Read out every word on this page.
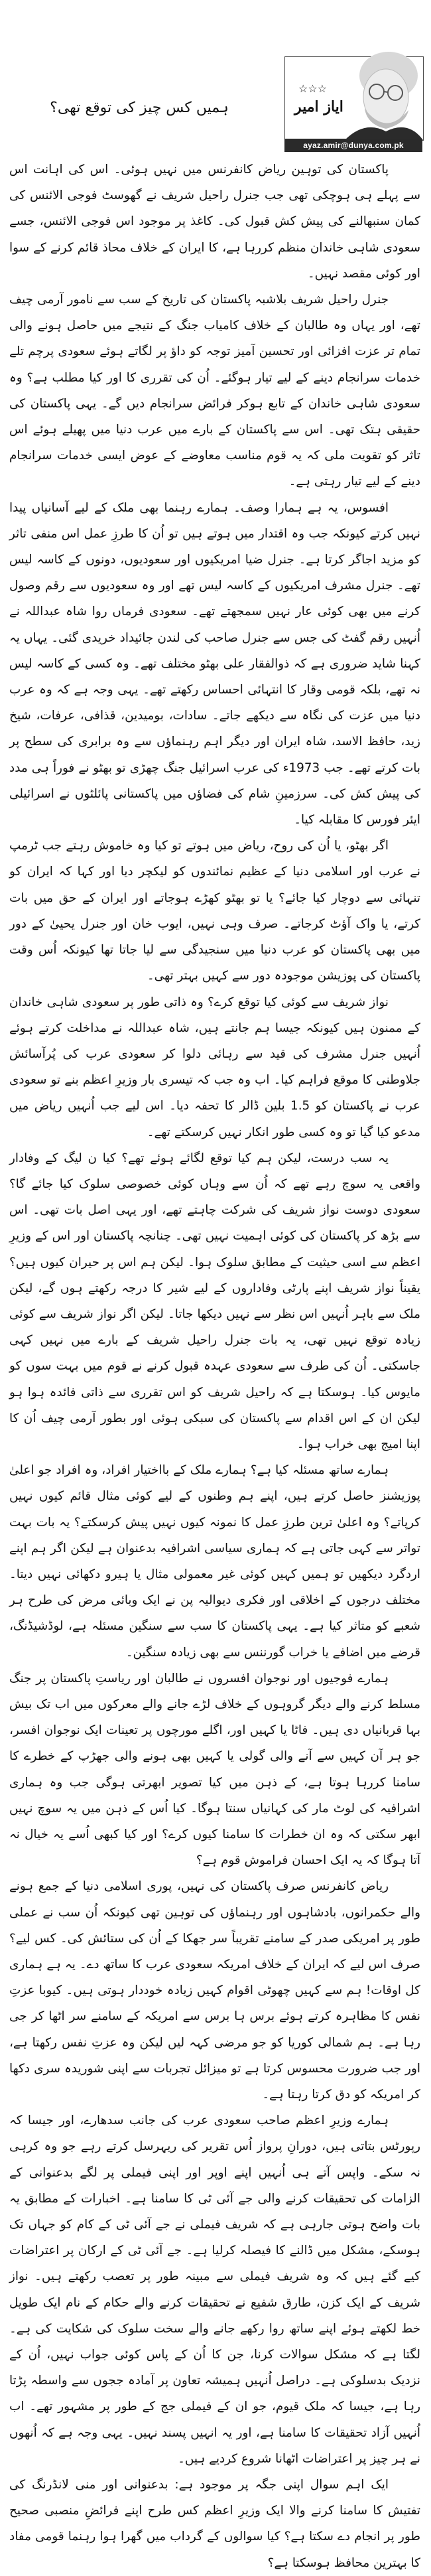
ہمیں کس چیز کی توقع تھی؟
☆☆☆
ایاز امیر
ayaz.amir@dunya.com.pk

پاکستان کی توہین ریاض کانفرنس میں نہیں ہوئی۔ اس کی اہانت اس سے پہلے ہی ہوچکی تھی جب جنرل راحیل شریف نے گھوسٹ فوجی الائنس کی کمان سنبھالنے کی پیش کش قبول کی۔ کاغذ پر موجود اس فوجی الائنس، جسے سعودی شاہی خاندان منظم کررہا ہے، کا ایران کے خلاف محاذ قائم کرنے کے سوا اور کوئی مقصد نہیں۔

جنرل راحیل شریف بلاشبہ پاکستان کی تاریخ کے سب سے نامور آرمی چیف تھے، اور یہاں وہ طالبان کے خلاف کامیاب جنگ کے نتیجے میں حاصل ہونے والی تمام تر عزت افزائی اور تحسین آمیز توجہ کو داؤ پر لگاتے ہوئے سعودی پرچم تلے خدمات سرانجام دینے کے لیے تیار ہوگئے۔ اُن کی تقرری کا اور کیا مطلب ہے؟ وہ سعودی شاہی خاندان کے تابع ہوکر فرائض سرانجام دیں گے۔ یہی پاکستان کی حقیقی ہتک تھی۔ اس سے پاکستان کے بارے میں عرب دنیا میں پھیلے ہوئے اس تاثر کو تقویت ملی کہ یہ قوم مناسب معاوضے کے عوض ایسی خدمات سرانجام دینے کے لیے تیار رہتی ہے۔

افسوس، یہ ہے ہمارا وصف۔ ہمارے رہنما بھی ملک کے لیے آسانیاں پیدا نہیں کرتے کیونکہ جب وہ اقتدار میں ہوتے ہیں تو اُن کا طرزِ عمل اس منفی تاثر کو مزید اجاگر کرتا ہے۔ جنرل ضیا امریکیوں اور سعودیوں، دونوں کے کاسہ لیس تھے۔ جنرل مشرف امریکیوں کے کاسہ لیس تھے اور وہ سعودیوں سے رقم وصول کرنے میں بھی کوئی عار نہیں سمجھتے تھے۔ سعودی فرماں روا شاہ عبداللہ نے اُنہیں رقم گفٹ کی جس سے جنرل صاحب کی لندن جائیداد خریدی گئی۔ یہاں یہ کہنا شاید ضروری ہے کہ ذوالفقار علی بھٹو مختلف تھے۔ وہ کسی کے کاسہ لیس نہ تھے، بلکہ قومی وقار کا انتہائی احساس رکھتے تھے۔ یہی وجہ ہے کہ وہ عرب دنیا میں عزت کی نگاہ سے دیکھے جاتے۔ سادات، بومیدین، قذافی، عرفات، شیخ زید، حافظ الاسد، شاہ ایران اور دیگر اہم رہنماؤں سے وہ برابری کی سطح پر بات کرتے تھے۔ جب 1973ء کی عرب اسرائیل جنگ چھڑی تو بھٹو نے فوراً ہی مدد کی پیش کش کی۔ سرزمینِ شام کی فضاؤں میں پاکستانی پائلٹوں نے اسرائیلی ایئر فورس کا مقابلہ کیا۔

اگر بھٹو، یا اُن کی روح، ریاض میں ہوتے تو کیا وہ خاموش رہتے جب ٹرمپ نے عرب اور اسلامی دنیا کے عظیم نمائندوں کو لیکچر دیا اور کہا کہ ایران کو تنہائی سے دوچار کیا جائے؟ یا تو بھٹو کھڑے ہوجاتے اور ایران کے حق میں بات کرتے، یا واک آؤٹ کرجاتے۔ صرف وہی نہیں، ایوب خان اور جنرل یحییٰ کے دور میں بھی پاکستان کو عرب دنیا میں سنجیدگی سے لیا جاتا تھا کیونکہ اُس وقت پاکستان کی پوزیشن موجودہ دور سے کہیں بہتر تھی۔

نواز شریف سے کوئی کیا توقع کرے؟ وہ ذاتی طور پر سعودی شاہی خاندان کے ممنون ہیں کیونکہ جیسا ہم جانتے ہیں، شاہ عبداللہ نے مداخلت کرتے ہوئے اُنہیں جنرل مشرف کی قید سے رہائی دلوا کر سعودی عرب کی پُرآسائش جلاوطنی کا موقع فراہم کیا۔ اب وہ جب کہ تیسری بار وزیرِ اعظم بنے تو سعودی عرب نے پاکستان کو 1.5 بلین ڈالر کا تحفہ دیا۔ اس لیے جب اُنہیں ریاض میں مدعو کیا گیا تو وہ کسی طور انکار نہیں کرسکتے تھے۔

یہ سب درست، لیکن ہم کیا توقع لگائے ہوئے تھے؟ کیا ن لیگ کے وفادار واقعی یہ سوچ رہے تھے کہ اُن سے وہاں کوئی خصوصی سلوک کیا جائے گا؟ سعودی دوست نواز شریف کی شرکت چاہتے تھے، اور یہی اصل بات تھی۔ اس سے بڑھ کر پاکستان کی کوئی اہمیت نہیں تھی۔ چنانچہ پاکستان اور اس کے وزیرِ اعظم سے اسی حیثیت کے مطابق سلوک ہوا۔ لیکن ہم اس پر حیران کیوں ہیں؟ یقیناً نواز شریف اپنے پارٹی وفاداروں کے لیے شیر کا درجہ رکھتے ہوں گے، لیکن ملک سے باہر اُنہیں اس نظر سے نہیں دیکھا جاتا۔ لیکن اگر نواز شریف سے کوئی زیادہ توقع نہیں تھی، یہ بات جنرل راحیل شریف کے بارے میں نہیں کہی جاسکتی۔ اُن کی طرف سے سعودی عہدہ قبول کرنے نے قوم میں بہت سوں کو مایوس کیا۔ ہوسکتا ہے کہ راحیل شریف کو اس تقرری سے ذاتی فائدہ ہوا ہو لیکن ان کے اس اقدام سے پاکستان کی سبکی ہوئی اور بطور آرمی چیف اُن کا اپنا امیج بھی خراب ہوا۔

ہمارے ساتھ مسئلہ کیا ہے؟ ہمارے ملک کے بااختیار افراد، وہ افراد جو اعلیٰ پوزیشنز حاصل کرتے ہیں، اپنے ہم وطنوں کے لیے کوئی مثال قائم کیوں نہیں کرپاتے؟ وہ اعلیٰ ترین طرزِ عمل کا نمونہ کیوں نہیں پیش کرسکتے؟ یہ بات بہت تواتر سے کہی جاتی ہے کہ ہماری سیاسی اشرافیہ بدعنوان ہے لیکن اگر ہم اپنے اردگرد دیکھیں تو ہمیں کہیں کوئی غیر معمولی مثال یا ہیرو دکھائی نہیں دیتا۔ مختلف درجوں کے اخلاقی اور فکری دیوالیہ پن نے ایک وبائی مرض کی طرح ہر شعبے کو متاثر کیا ہے۔ یہی پاکستان کا سب سے سنگین مسئلہ ہے، لوڈشیڈنگ، قرضے میں اضافے یا خراب گورننس سے بھی زیادہ سنگین۔

ہمارے فوجیوں اور نوجوان افسروں نے طالبان اور ریاستِ پاکستان پر جنگ مسلط کرنے والے دیگر گروہوں کے خلاف لڑے جانے والے معرکوں میں اب تک بیش بہا قربانیاں دی ہیں۔ فاٹا یا کہیں اور، اگلے مورچوں پر تعینات ایک نوجوان افسر، جو ہر آن کہیں سے آنے والی گولی یا کہیں بھی ہونے والی جھڑپ کے خطرے کا سامنا کررہا ہوتا ہے، کے ذہن میں کیا تصویر ابھرتی ہوگی جب وہ ہماری اشرافیہ کی لوٹ مار کی کہانیاں سنتا ہوگا۔ کیا اُس کے ذہن میں یہ سوچ نہیں ابھر سکتی کہ وہ ان خطرات کا سامنا کیوں کرے؟ اور کیا کبھی اُسے یہ خیال نہ آتا ہوگا کہ یہ ایک احسان فراموش قوم ہے؟

ریاض کانفرنس صرف پاکستان کی نہیں، پوری اسلامی دنیا کے جمع ہونے والے حکمرانوں، بادشاہوں اور رہنماؤں کی توہین تھی کیونکہ اُن سب نے عملی طور پر امریکی صدر کے سامنے تقریباً سر جھکا کے اُن کی ستائش کی۔ کس لیے؟ صرف اس لیے کہ ایران کے خلاف امریکہ سعودی عرب کا ساتھ دے۔ یہ ہے ہماری کل اوقات! ہم سے کہیں چھوٹی اقوام کہیں زیادہ خوددار ہوتی ہیں۔ کیوبا عزتِ نفس کا مظاہرہ کرتے ہوئے برس ہا برس سے امریکہ کے سامنے سر اٹھا کر جی رہا ہے۔ ہم شمالی کوریا کو جو مرضی کہہ لیں لیکن وہ عزتِ نفس رکھتا ہے، اور جب ضرورت محسوس کرتا ہے تو میزائل تجربات سے اپنی شوریدہ سری دکھا کر امریکہ کو دق کرتا رہتا ہے۔

ہمارے وزیرِ اعظم صاحب سعودی عرب کی جانب سدھارے، اور جیسا کہ رپورٹس بتاتی ہیں، دورانِ پرواز اُس تقریر کی ریہرسل کرتے رہے جو وہ کرہی نہ سکے۔ واپس آتے ہی اُنہیں اپنے اوپر اور اپنی فیملی پر لگے بدعنوانی کے الزامات کی تحقیقات کرنے والی جے آئی ٹی کا سامنا ہے۔ اخبارات کے مطابق یہ بات واضح ہوتی جارہی ہے کہ شریف فیملی نے جے آئی ٹی کے کام کو جہاں تک ہوسکے، مشکل میں ڈالنے کا فیصلہ کرلیا ہے۔ جے آئی ٹی کے ارکان پر اعتراضات کیے گئے ہیں کہ وہ شریف فیملی سے مبینہ طور پر تعصب رکھتے ہیں۔ نواز شریف کے ایک کزن، طارق شفیع نے تحقیقات کرنے والے حکام کے نام ایک طویل خط لکھتے ہوئے اپنے ساتھ روا رکھے جانے والے سخت سلوک کی شکایت کی ہے۔ لگتا ہے کہ مشکل سوالات کرنا، جن کا اُن کے پاس کوئی جواب نہیں، اُن کے نزدیک بدسلوکی ہے۔ دراصل اُنہیں ہمیشہ تعاون پر آمادہ ججوں سے واسطہ پڑتا رہا ہے، جیسا کہ ملک قیوم، جو ان کے فیملی جج کے طور پر مشہور تھے۔ اب اُنہیں آزاد تحقیقات کا سامنا ہے، اور یہ انہیں پسند نہیں۔ یہی وجہ ہے کہ اُنھوں نے ہر چیز پر اعتراضات اٹھانا شروع کردیے ہیں۔

ایک اہم سوال اپنی جگہ پر موجود ہے: بدعنوانی اور منی لانڈرنگ کی تفتیش کا سامنا کرنے والا ایک وزیرِ اعظم کس طرح اپنے فرائضِ منصبی صحیح طور پر انجام دے سکتا ہے؟ کیا سوالوں کے گرداب میں گھرا ہوا رہنما قومی مفاد کا بہترین محافظ ہوسکتا ہے؟
